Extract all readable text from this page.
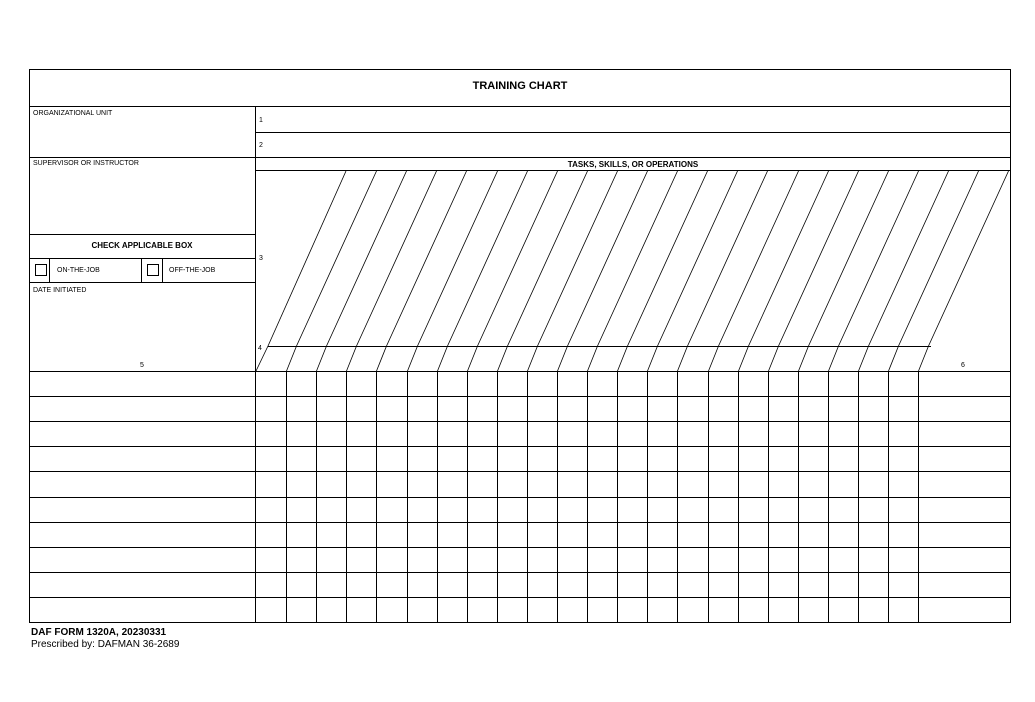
TRAINING CHART
ORGANIZATIONAL UNIT
1
2
SUPERVISOR OR INSTRUCTOR	TASKS, SKILLS, OR OPERATIONS
CHECK APPLICABLE BOX
ON-THE-JOB	OFF-THE-JOB
DATE INITIATED
3
4
5	6
DAF FORM 1320A, 20230331
Prescribed by: DAFMAN 36-2689
